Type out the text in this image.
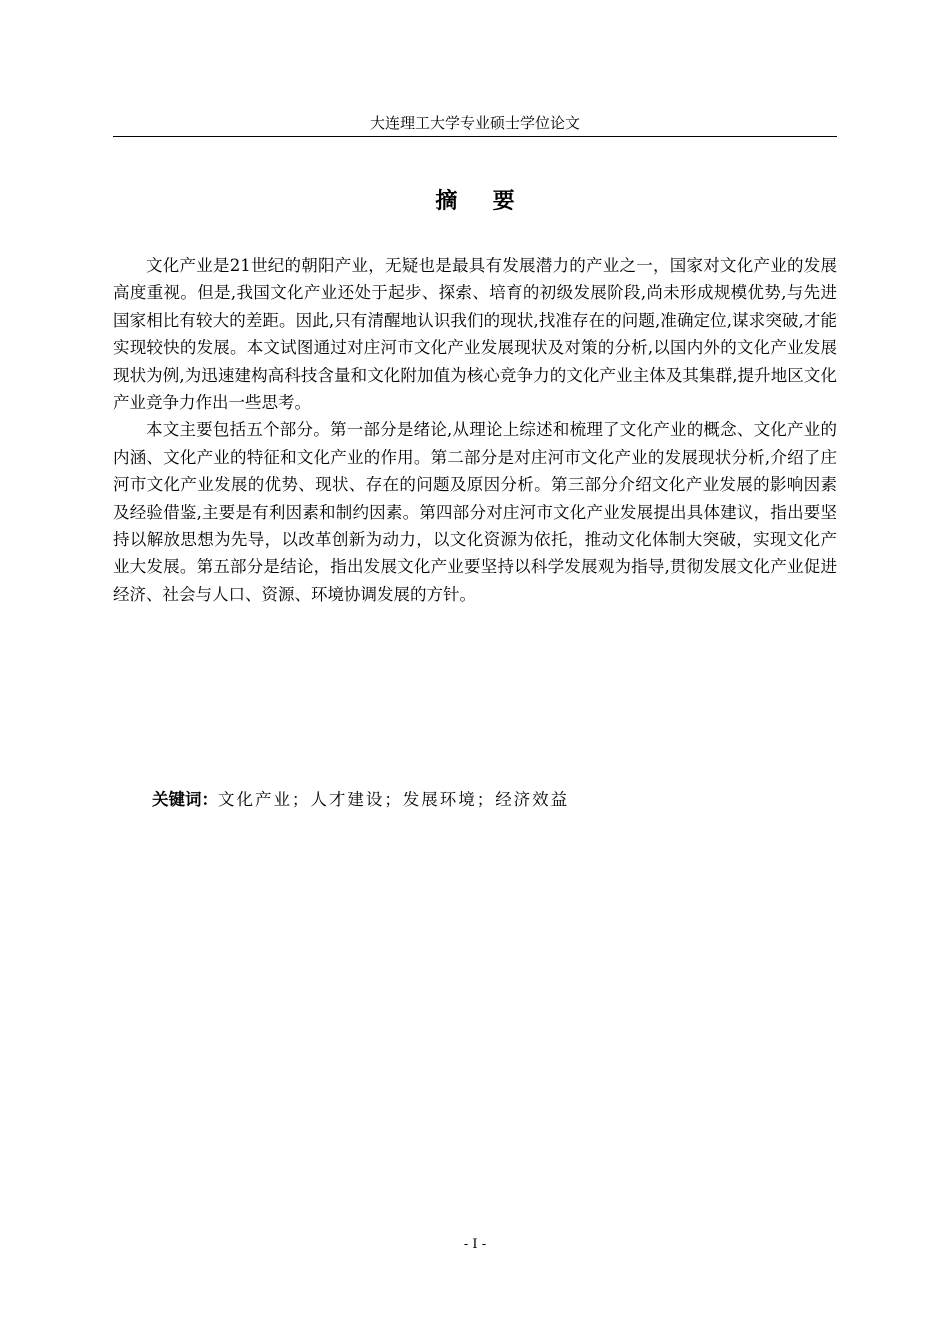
大连理工大学专业硕士学位论文
摘要

文化产业是21世纪的朝阳产业，无疑也是最具有发展潜力的产业之一，国家对文化产业的发展高度重视。但是,我国文化产业还处于起步、探索、培育的初级发展阶段,尚未形成规模优势,与先进国家相比有较大的差距。因此,只有清醒地认识我们的现状,找准存在的问题,准确定位,谋求突破,才能实现较快的发展。本文试图通过对庄河市文化产业发展现状及对策的分析,以国内外的文化产业发展现状为例,为迅速建构高科技含量和文化附加值为核心竞争力的文化产业主体及其集群,提升地区文化产业竞争力作出一些思考。

本文主要包括五个部分。第一部分是绪论,从理论上综述和梳理了文化产业的概念、文化产业的内涵、文化产业的特征和文化产业的作用。第二部分是对庄河市文化产业的发展现状分析,介绍了庄河市文化产业发展的优势、现状、存在的问题及原因分析。第三部分介绍文化产业发展的影响因素及经验借鉴,主要是有利因素和制约因素。第四部分对庄河市文化产业发展提出具体建议，指出要坚持以解放思想为先导，以改革创新为动力，以文化资源为依托，推动文化体制大突破，实现文化产业大发展。第五部分是结论，指出发展文化产业要坚持以科学发展观为指导,贯彻发展文化产业促进经济、社会与人口、资源、环境协调发展的方针。

关键词：文化产业；人才建设；发展环境；经济效益
- I -
